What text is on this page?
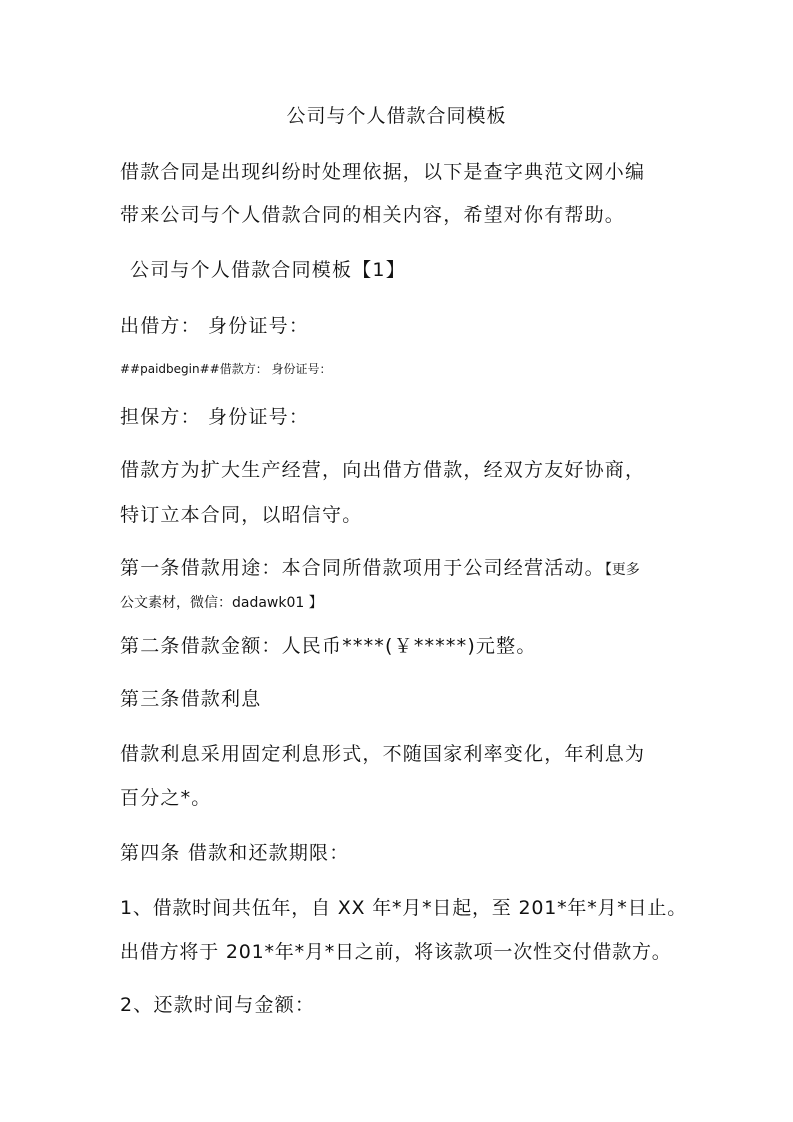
公司与个人借款合同模板
借款合同是出现纠纷时处理依据，以下是查字典范文网小编
带来公司与个人借款合同的相关内容，希望对你有帮助。
公司与个人借款合同模板【1】
出借方： 身份证号：
##paidbegin##借款方： 身份证号：
担保方： 身份证号：
借款方为扩大生产经营，向出借方借款，经双方友好协商，
特订立本合同，以昭信守。
第一条借款用途：本合同所借款项用于公司经营活动。【更多
公文素材，微信：dadawk01 】
第二条借款金额：人民币****(￥*****)元整。
第三条借款利息
借款利息采用固定利息形式，不随国家利率变化，年利息为
百分之*。
第四条 借款和还款期限：
1、借款时间共伍年，自 XX 年*月*日起，至 201*年*月*日止。
出借方将于 201*年*月*日之前，将该款项一次性交付借款方。
2、还款时间与金额：
